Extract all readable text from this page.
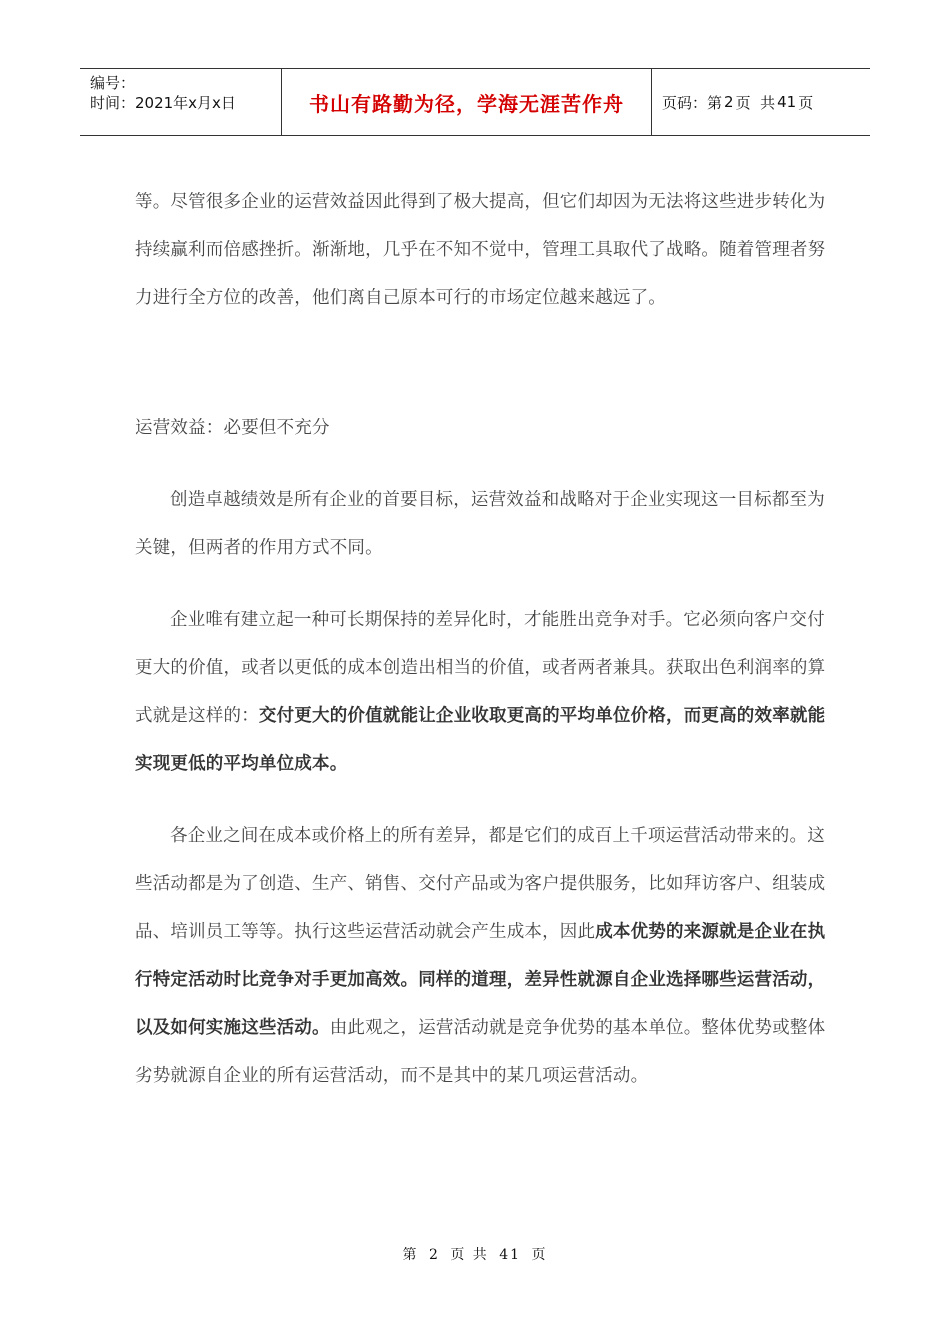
编号：
时间：2021年x月x日	书山有路勤为径，学海无涯苦作舟	页码：第 2 页  共 41 页

等。尽管很多企业的运营效益因此得到了极大提高，但它们却因为无法将这些进步转化为持续赢利而倍感挫折。渐渐地，几乎在不知不觉中，管理工具取代了战略。随着管理者努力进行全方位的改善，他们离自己原本可行的市场定位越来越远了。

运营效益：必要但不充分

创造卓越绩效是所有企业的首要目标，运营效益和战略对于企业实现这一目标都至为关键，但两者的作用方式不同。

企业唯有建立起一种可长期保持的差异化时，才能胜出竞争对手。它必须向客户交付更大的价值，或者以更低的成本创造出相当的价值，或者两者兼具。获取出色利润率的算式就是这样的：交付更大的价值就能让企业收取更高的平均单位价格，而更高的效率就能实现更低的平均单位成本。

各企业之间在成本或价格上的所有差异，都是它们的成百上千项运营活动带来的。这些活动都是为了创造、生产、销售、交付产品或为客户提供服务，比如拜访客户、组装成品、培训员工等等。执行这些运营活动就会产生成本，因此成本优势的来源就是企业在执行特定活动时比竞争对手更加高效。同样的道理，差异性就源自企业选择哪些运营活动，以及如何实施这些活动。由此观之，运营活动就是竞争优势的基本单位。整体优势或整体劣势就源自企业的所有运营活动，而不是其中的某几项运营活动。

第 2 页 共 41 页
